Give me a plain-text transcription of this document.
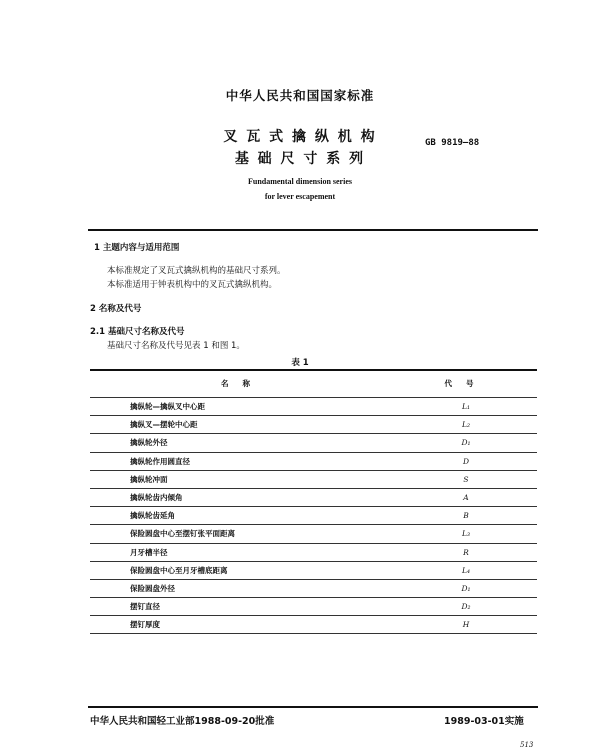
中华人民共和国国家标准
叉 瓦 式 擒 纵 机 构
基 础 尺 寸 系 列
GB 9819—88
Fundamental dimension series
for lever escapement
1 主题内容与适用范围
本标准规定了叉瓦式擒纵机构的基础尺寸系列。
本标准适用于钟表机构中的叉瓦式擒纵机构。
2 名称及代号
2.1 基础尺寸名称及代号
基础尺寸名称及代号见表 1 和图 1。
表 1
名称	代号
擒纵轮—擒纵叉中心距	L₁
擒纵叉—摆轮中心距	L₂
擒纵轮外径	D₁
擒纵轮作用圆直径	D
擒纵轮冲面	S
擒纵轮齿内倾角	A
擒纵轮齿延角	B
保险圆盘中心至摆钉张平面距离	L₃
月牙槽半径	R
保险圆盘中心至月牙槽底距离	L₄
保险圆盘外径	D₁
摆钉直径	D₂
摆钉厚度	H
中华人民共和国轻工业部1988-09-20批准	1989-03-01实施
513
